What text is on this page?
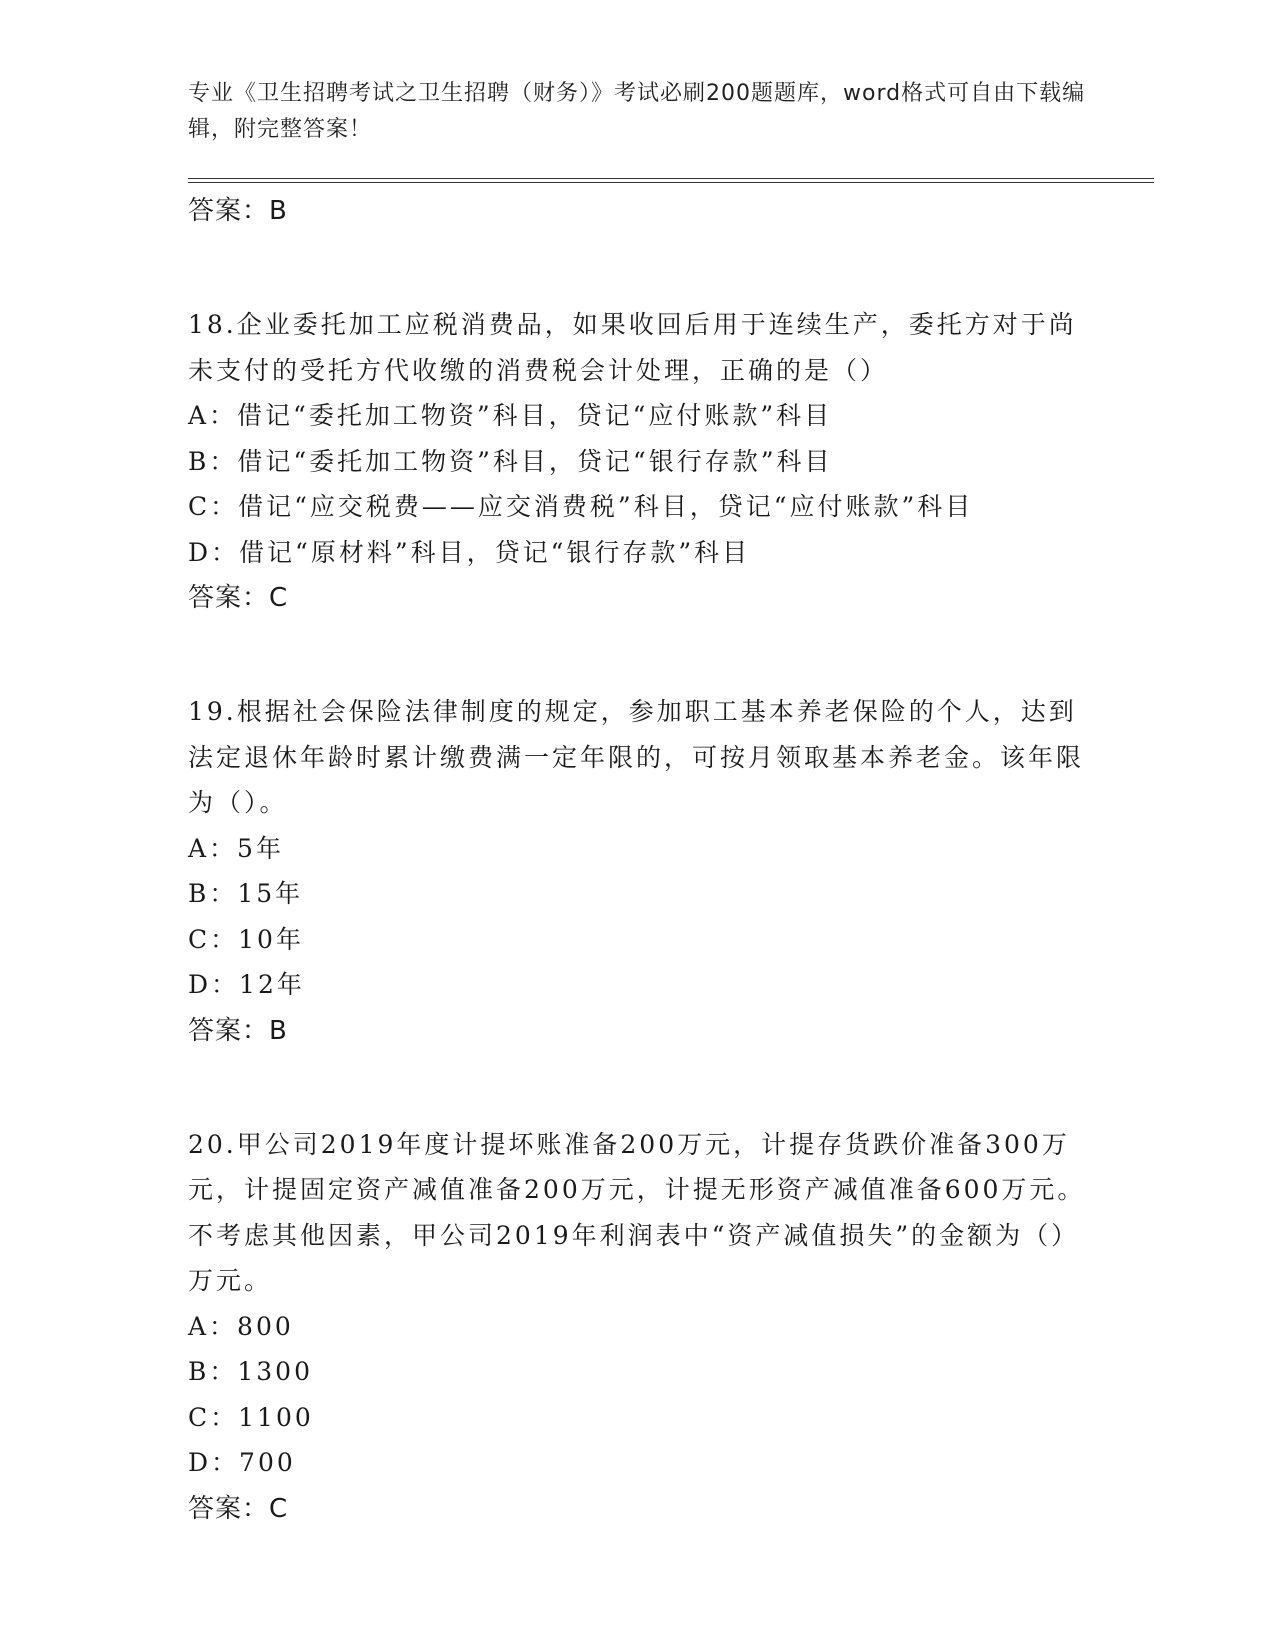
专业《卫生招聘考试之卫生招聘（财务）》考试必刷200题题库，word格式可自由下载编辑，附完整答案！
答案：B
18.企业委托加工应税消费品，如果收回后用于连续生产，委托方对于尚未支付的受托方代收缴的消费税会计处理，正确的是（）
A：借记“委托加工物资”科目，贷记“应付账款”科目
B：借记“委托加工物资”科目，贷记“银行存款”科目
C：借记“应交税费——应交消费税”科目，贷记“应付账款”科目
D：借记“原材料”科目，贷记“银行存款”科目
答案：C
19.根据社会保险法律制度的规定，参加职工基本养老保险的个人，达到法定退休年龄时累计缴费满一定年限的，可按月领取基本养老金。该年限为（）。
A：5年
B：15年
C：10年
D：12年
答案：B
20.甲公司2019年度计提坏账准备200万元，计提存货跌价准备300万元，计提固定资产减值准备200万元，计提无形资产减值准备600万元。不考虑其他因素，甲公司2019年利润表中“资产减值损失”的金额为（）万元。
A：800
B：1300
C：1100
D：700
答案：C
